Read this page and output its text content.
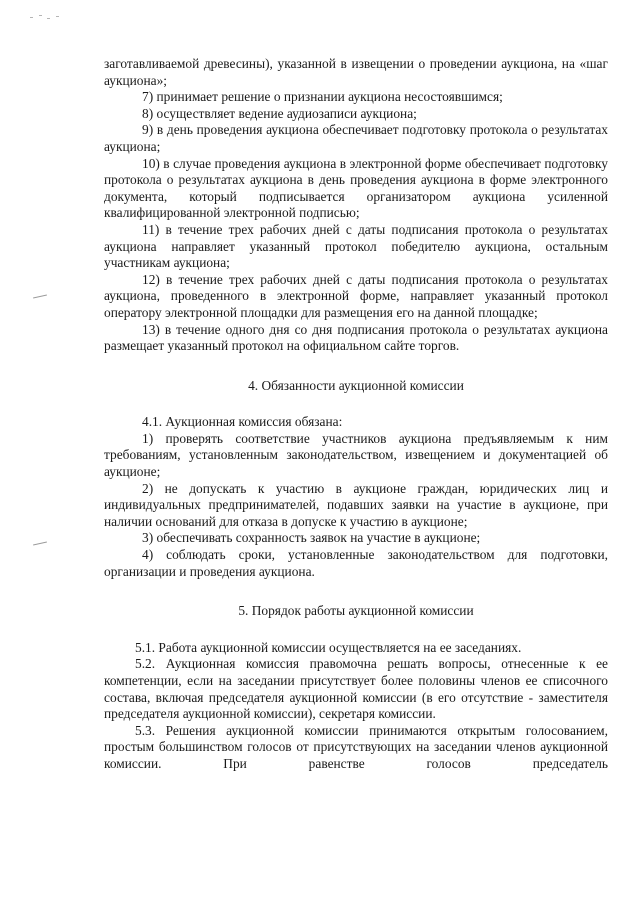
заготавливаемой древесины), указанной в извещении о проведении аукциона, на «шаг аукциона»;

7) принимает решение о признании аукциона несостоявшимся;

8) осуществляет ведение аудиозаписи аукциона;

9) в день проведения аукциона обеспечивает подготовку протокола о результатах аукциона;

10) в случае проведения аукциона в электронной форме обеспечивает подготовку протокола о результатах аукциона в день проведения аукциона в форме электронного документа, который подписывается организатором аукциона усиленной квалифицированной электронной подписью;

11) в течение трех рабочих дней с даты подписания протокола о результатах аукциона направляет указанный протокол победителю аукциона, остальным участникам аукциона;

12) в течение трех рабочих дней с даты подписания протокола о результатах аукциона, проведенного в электронной форме, направляет указанный протокол оператору электронной площадки для размещения его на данной площадке;

13) в течение одного дня со дня подписания протокола о результатах аукциона размещает указанный протокол на официальном сайте торгов.

4. Обязанности аукционной комиссии

4.1. Аукционная комиссия обязана:

1) проверять соответствие участников аукциона предъявляемым к ним требованиям, установленным законодательством, извещением и документацией об аукционе;

2) не допускать к участию в аукционе граждан, юридических лиц и индивидуальных предпринимателей, подавших заявки на участие в аукционе, при наличии оснований для отказа в допуске к участию в аукционе;

3) обеспечивать сохранность заявок на участие в аукционе;

4) соблюдать сроки, установленные законодательством для подготовки, организации и проведения аукциона.

5. Порядок работы аукционной комиссии

5.1. Работа аукционной комиссии осуществляется на ее заседаниях.

5.2. Аукционная комиссия правомочна решать вопросы, отнесенные к ее компетенции, если на заседании присутствует более половины членов ее списочного состава, включая председателя аукционной комиссии (в его отсутствие - заместителя председателя аукционной комиссии), секретаря комиссии.

5.3. Решения аукционной комиссии принимаются открытым голосованием, простым большинством голосов от присутствующих на заседании членов аукционной комиссии. При равенстве голосов председатель
